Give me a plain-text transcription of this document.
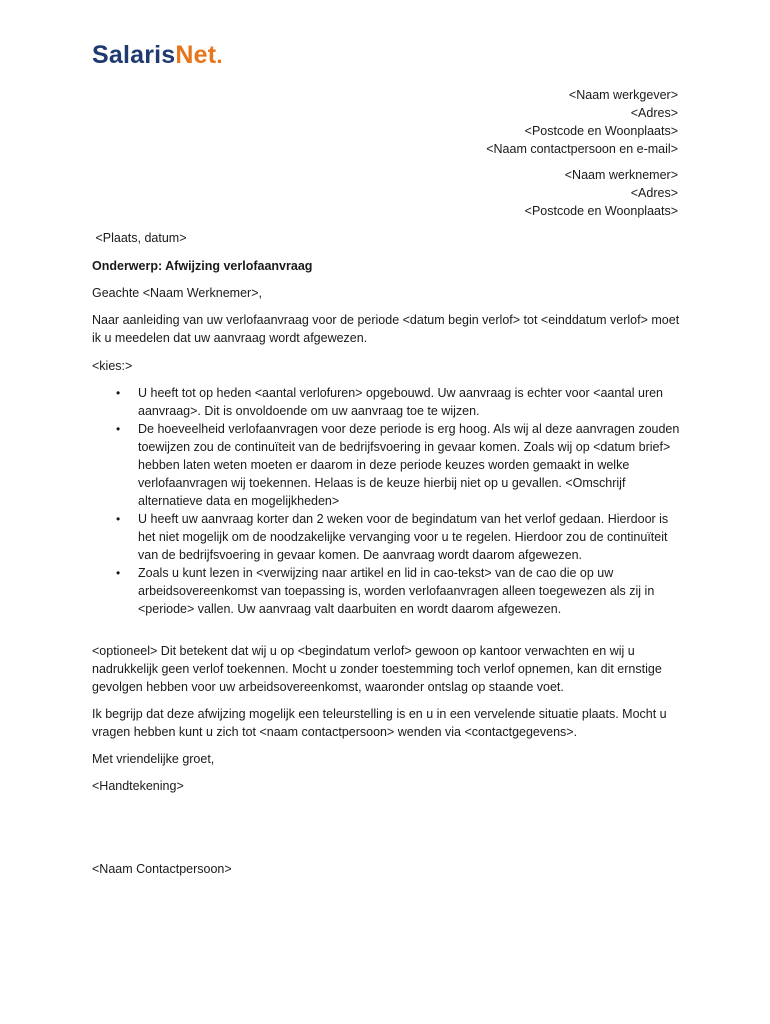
SalarisNet.
<Naam werkgever>
<Adres>
<Postcode en Woonplaats>
<Naam contactpersoon en e-mail>
<Naam werknemer>
<Adres>
<Postcode en Woonplaats>
<Plaats, datum>
Onderwerp: Afwijzing verlofaanvraag
Geachte <Naam Werknemer>,
Naar aanleiding van uw verlofaanvraag voor de periode <datum begin verlof> tot <einddatum verlof> moet ik u meedelen dat uw aanvraag wordt afgewezen.
<kies:>
• U heeft tot op heden <aantal verlofuren> opgebouwd. Uw aanvraag is echter voor <aantal uren aanvraag>. Dit is onvoldoende om uw aanvraag toe te wijzen.
• De hoeveelheid verlofaanvragen voor deze periode is erg hoog. Als wij al deze aanvragen zouden toewijzen zou de continuïteit van de bedrijfsvoering in gevaar komen. Zoals wij op <datum brief> hebben laten weten moeten er daarom in deze periode keuzes worden gemaakt in welke verlofaanvragen wij toekennen. Helaas is de keuze hierbij niet op u gevallen. <Omschrijf alternatieve data en mogelijkheden>
• U heeft uw aanvraag korter dan 2 weken voor de begindatum van het verlof gedaan. Hierdoor is het niet mogelijk om de noodzakelijke vervanging voor u te regelen. Hierdoor zou de continuïteit van de bedrijfsvoering in gevaar komen. De aanvraag wordt daarom afgewezen.
• Zoals u kunt lezen in <verwijzing naar artikel en lid in cao-tekst> van de cao die op uw arbeidsovereenkomst van toepassing is, worden verlofaanvragen alleen toegewezen als zij in <periode> vallen. Uw aanvraag valt daarbuiten en wordt daarom afgewezen.
<optioneel> Dit betekent dat wij u op <begindatum verlof> gewoon op kantoor verwachten en wij u nadrukkelijk geen verlof toekennen. Mocht u zonder toestemming toch verlof opnemen, kan dit ernstige gevolgen hebben voor uw arbeidsovereenkomst, waaronder ontslag op staande voet.
Ik begrijp dat deze afwijzing mogelijk een teleurstelling is en u in een vervelende situatie plaats. Mocht u vragen hebben kunt u zich tot <naam contactpersoon> wenden via <contactgegevens>.
Met vriendelijke groet,
<Handtekening>
<Naam Contactpersoon>
